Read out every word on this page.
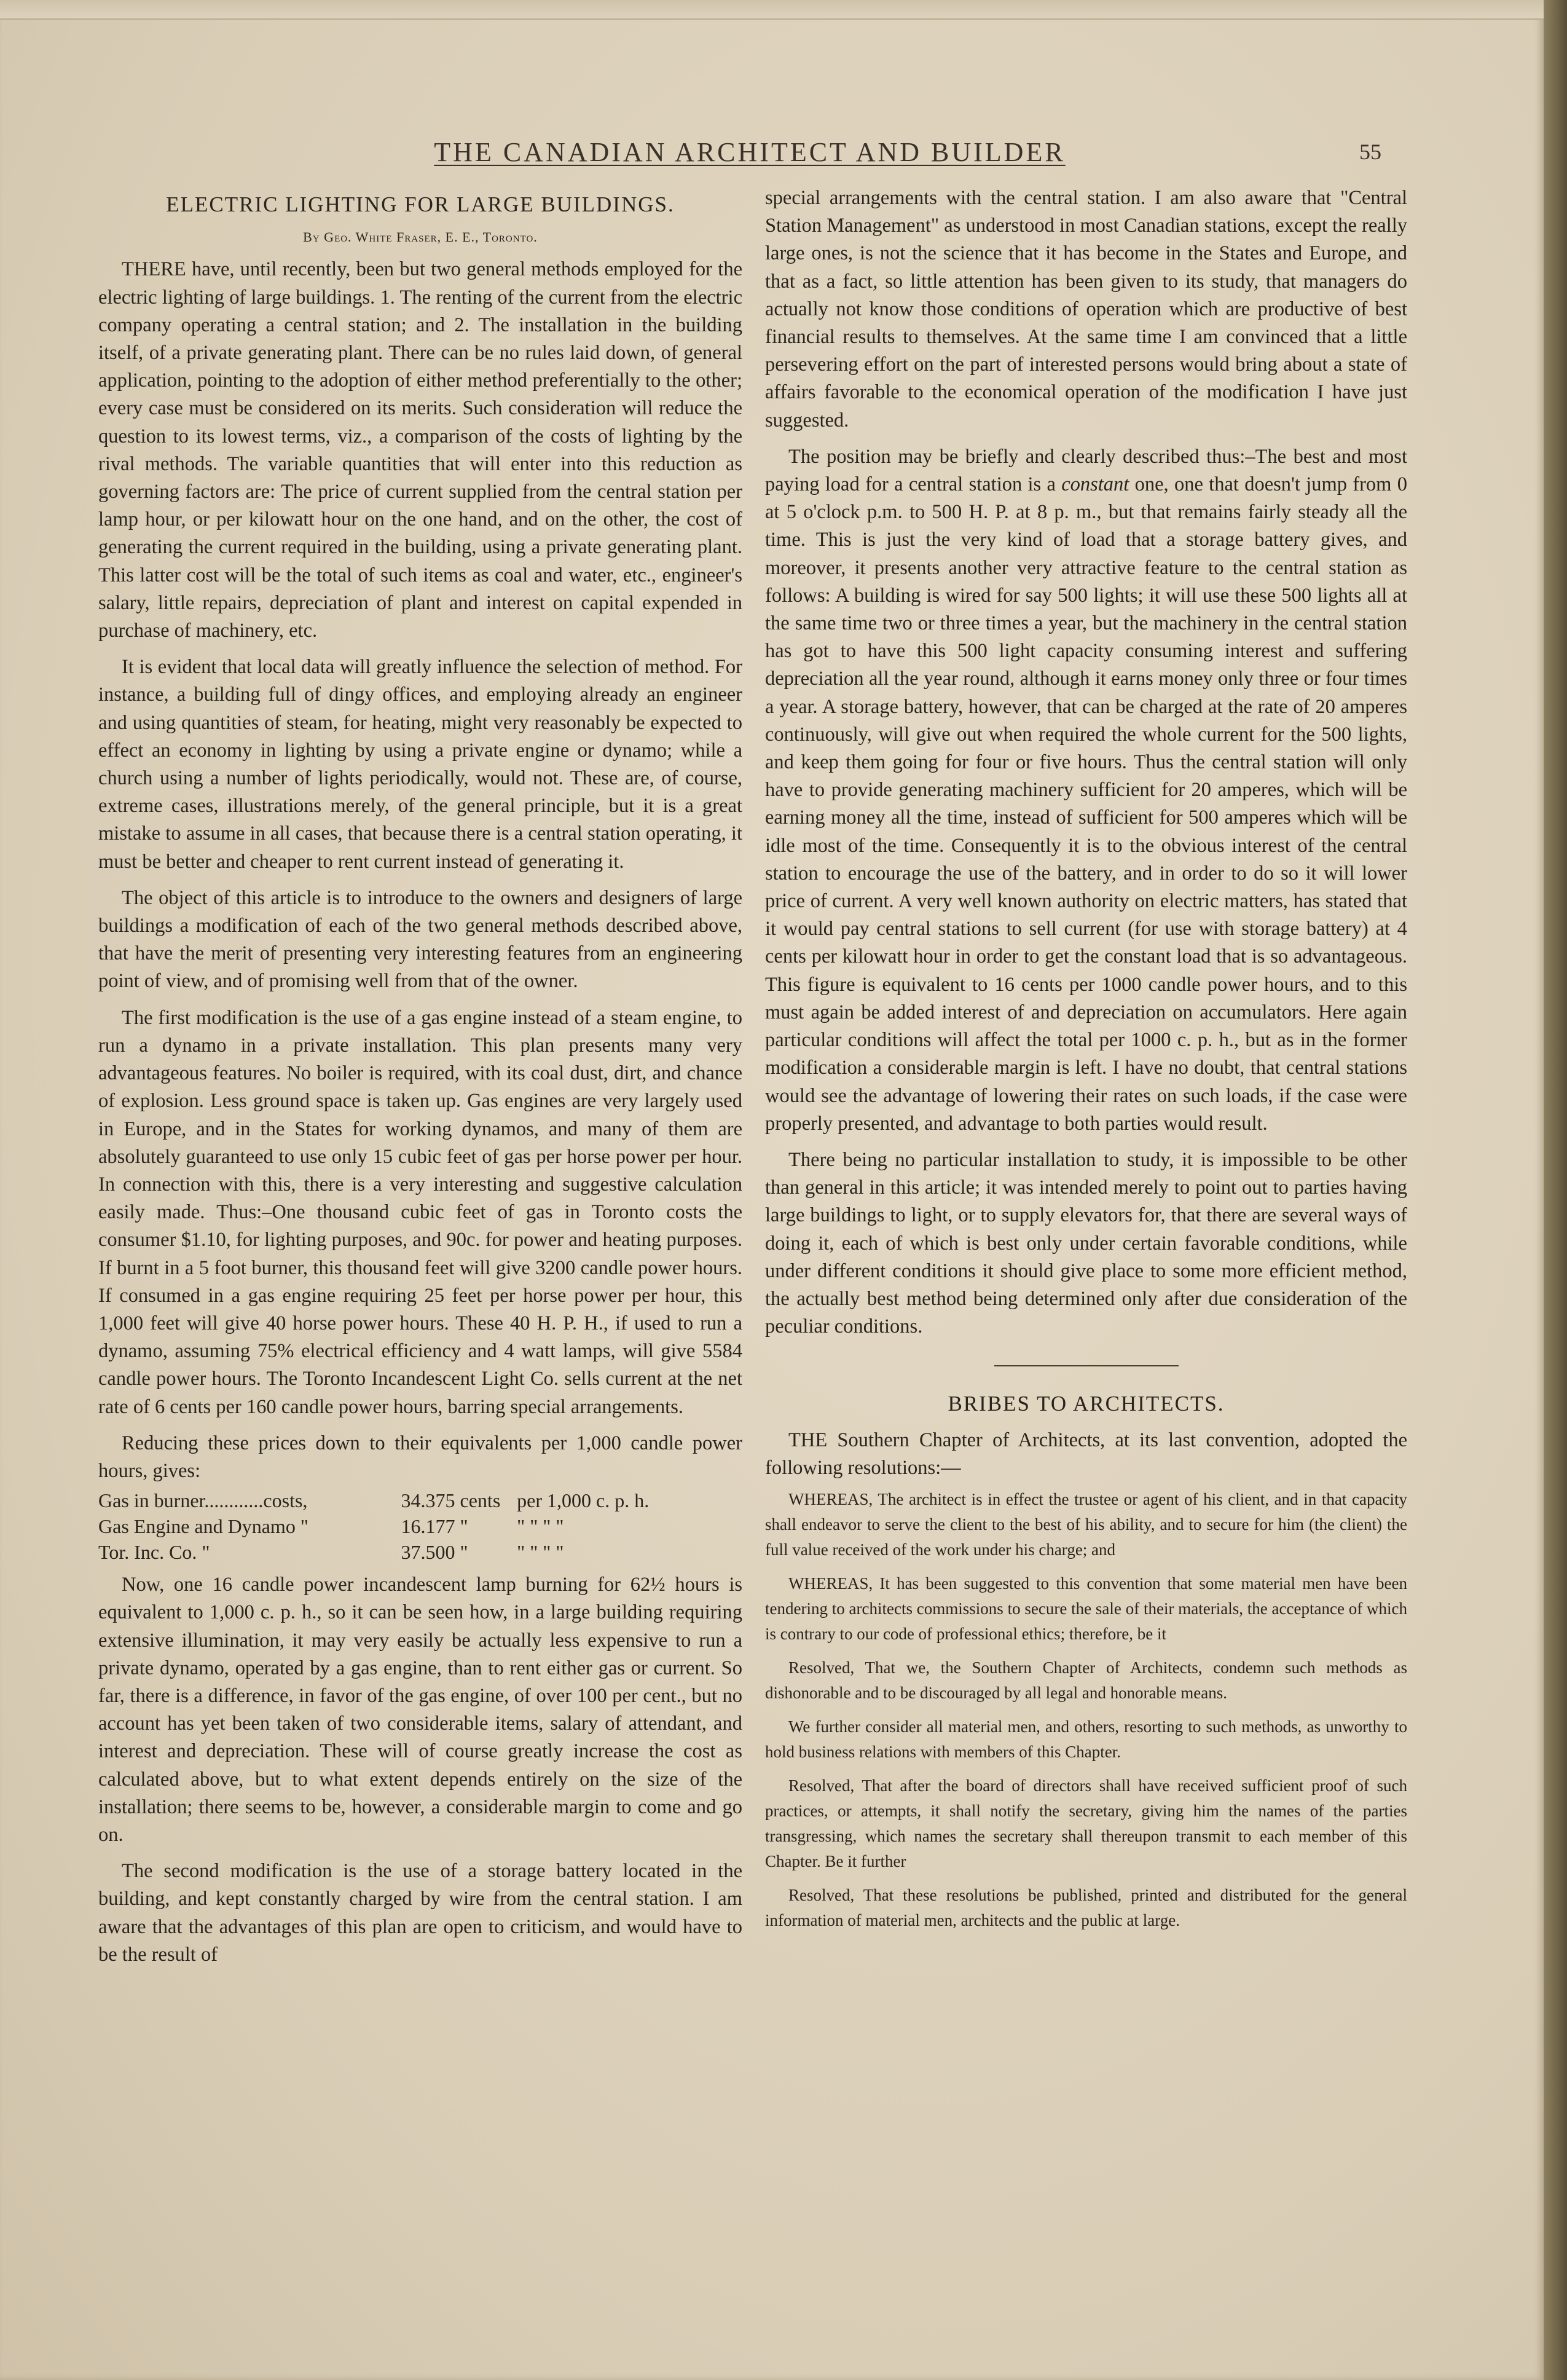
THE CANADIAN ARCHITECT AND BUILDER	55
ELECTRIC LIGHTING FOR LARGE BUILDINGS.
By Geo. White Fraser, E. E., Toronto.

THERE have, until recently, been but two general methods employed for the electric lighting of large buildings. 1. The renting of the current from the electric company operating a central station; and 2. The installation in the building itself, of a private generating plant. There can be no rules laid down, of general application, pointing to the adoption of either method preferentially to the other; every case must be considered on its merits. Such consideration will reduce the question to its lowest terms, viz., a comparison of the costs of lighting by the rival methods. The variable quantities that will enter into this reduction as governing factors are: The price of current supplied from the central station per lamp hour, or per kilowatt hour on the one hand, and on the other, the cost of generating the current required in the building, using a private generating plant. This latter cost will be the total of such items as coal and water, etc., engineer's salary, little repairs, depreciation of plant and interest on capital expended in purchase of machinery, etc.

It is evident that local data will greatly influence the selection of method. For instance, a building full of dingy offices, and employing already an engineer and using quantities of steam, for heating, might very reasonably be expected to effect an economy in lighting by using a private engine or dynamo; while a church using a number of lights periodically, would not. These are, of course, extreme cases, illustrations merely, of the general principle, but it is a great mistake to assume in all cases, that because there is a central station operating, it must be better and cheaper to rent current instead of generating it.

The object of this article is to introduce to the owners and designers of large buildings a modification of each of the two general methods described above, that have the merit of presenting very interesting features from an engineering point of view, and of promising well from that of the owner.

The first modification is the use of a gas engine instead of a steam engine, to run a dynamo in a private installation. This plan presents many very advantageous features. No boiler is required, with its coal dust, dirt, and chance of explosion. Less ground space is taken up. Gas engines are very largely used in Europe, and in the States for working dynamos, and many of them are absolutely guaranteed to use only 15 cubic feet of gas per horse power per hour. In connection with this, there is a very interesting and suggestive calculation easily made. Thus:–One thousand cubic feet of gas in Toronto costs the consumer $1.10, for lighting purposes, and 90c. for power and heating purposes. If burnt in a 5 foot burner, this thousand feet will give 3200 candle power hours. If consumed in a gas engine requiring 25 feet per horse power per hour, this 1,000 feet will give 40 horse power hours. These 40 H. P. H., if used to run a dynamo, assuming 75% electrical efficiency and 4 watt lamps, will give 5584 candle power hours. The Toronto Incandescent Light Co. sells current at the net rate of 6 cents per 160 candle power hours, barring special arrangements.

Reducing these prices down to their equivalents per 1,000 candle power hours, gives:

Gas in burner............costs,	34.375 cents	per 1,000 c. p. h.
Gas Engine and Dynamo "	16.177 "	" " " "
Tor. Inc. Co. "	37.500 "	" " " "

Now, one 16 candle power incandescent lamp burning for 62½ hours is equivalent to 1,000 c. p. h., so it can be seen how, in a large building requiring extensive illumination, it may very easily be actually less expensive to run a private dynamo, operated by a gas engine, than to rent either gas or current. So far, there is a difference, in favor of the gas engine, of over 100 per cent., but no account has yet been taken of two considerable items, salary of attendant, and interest and depreciation. These will of course greatly increase the cost as calculated above, but to what extent depends entirely on the size of the installation; there seems to be, however, a considerable margin to come and go on.

The second modification is the use of a storage battery located in the building, and kept constantly charged by wire from the central station. I am aware that the advantages of this plan are open to criticism, and would have to be the result of

special arrangements with the central station. I am also aware that "Central Station Management" as understood in most Canadian stations, except the really large ones, is not the science that it has become in the States and Europe, and that as a fact, so little attention has been given to its study, that managers do actually not know those conditions of operation which are productive of best financial results to themselves. At the same time I am convinced that a little persevering effort on the part of interested persons would bring about a state of affairs favorable to the economical operation of the modification I have just suggested.

The position may be briefly and clearly described thus:–The best and most paying load for a central station is a constant one, one that doesn't jump from 0 at 5 o'clock p.m. to 500 H. P. at 8 p. m., but that remains fairly steady all the time. This is just the very kind of load that a storage battery gives, and moreover, it presents another very attractive feature to the central station as follows: A building is wired for say 500 lights; it will use these 500 lights all at the same time two or three times a year, but the machinery in the central station has got to have this 500 light capacity consuming interest and suffering depreciation all the year round, although it earns money only three or four times a year. A storage battery, however, that can be charged at the rate of 20 amperes continuously, will give out when required the whole current for the 500 lights, and keep them going for four or five hours. Thus the central station will only have to provide generating machinery sufficient for 20 amperes, which will be earning money all the time, instead of sufficient for 500 amperes which will be idle most of the time. Consequently it is to the obvious interest of the central station to encourage the use of the battery, and in order to do so it will lower price of current. A very well known authority on electric matters, has stated that it would pay central stations to sell current (for use with storage battery) at 4 cents per kilowatt hour in order to get the constant load that is so advantageous. This figure is equivalent to 16 cents per 1000 candle power hours, and to this must again be added interest of and depreciation on accumulators. Here again particular conditions will affect the total per 1000 c. p. h., but as in the former modification a considerable margin is left. I have no doubt, that central stations would see the advantage of lowering their rates on such loads, if the case were properly presented, and advantage to both parties would result.

There being no particular installation to study, it is impossible to be other than general in this article; it was intended merely to point out to parties having large buildings to light, or to supply elevators for, that there are several ways of doing it, each of which is best only under certain favorable conditions, while under different conditions it should give place to some more efficient method, the actually best method being determined only after due consideration of the peculiar conditions.

BRIBES TO ARCHITECTS.

THE Southern Chapter of Architects, at its last convention, adopted the following resolutions:—

WHEREAS, The architect is in effect the trustee or agent of his client, and in that capacity shall endeavor to serve the client to the best of his ability, and to secure for him (the client) the full value received of the work under his charge; and

WHEREAS, It has been suggested to this convention that some material men have been tendering to architects commissions to secure the sale of their materials, the acceptance of which is contrary to our code of professional ethics; therefore, be it

Resolved, That we, the Southern Chapter of Architects, condemn such methods as dishonorable and to be discouraged by all legal and honorable means.

We further consider all material men, and others, resorting to such methods, as unworthy to hold business relations with members of this Chapter.

Resolved, That after the board of directors shall have received sufficient proof of such practices, or attempts, it shall notify the secretary, giving him the names of the parties transgressing, which names the secretary shall thereupon transmit to each member of this Chapter. Be it further

Resolved, That these resolutions be published, printed and distributed for the general information of material men, architects and the public at large.
